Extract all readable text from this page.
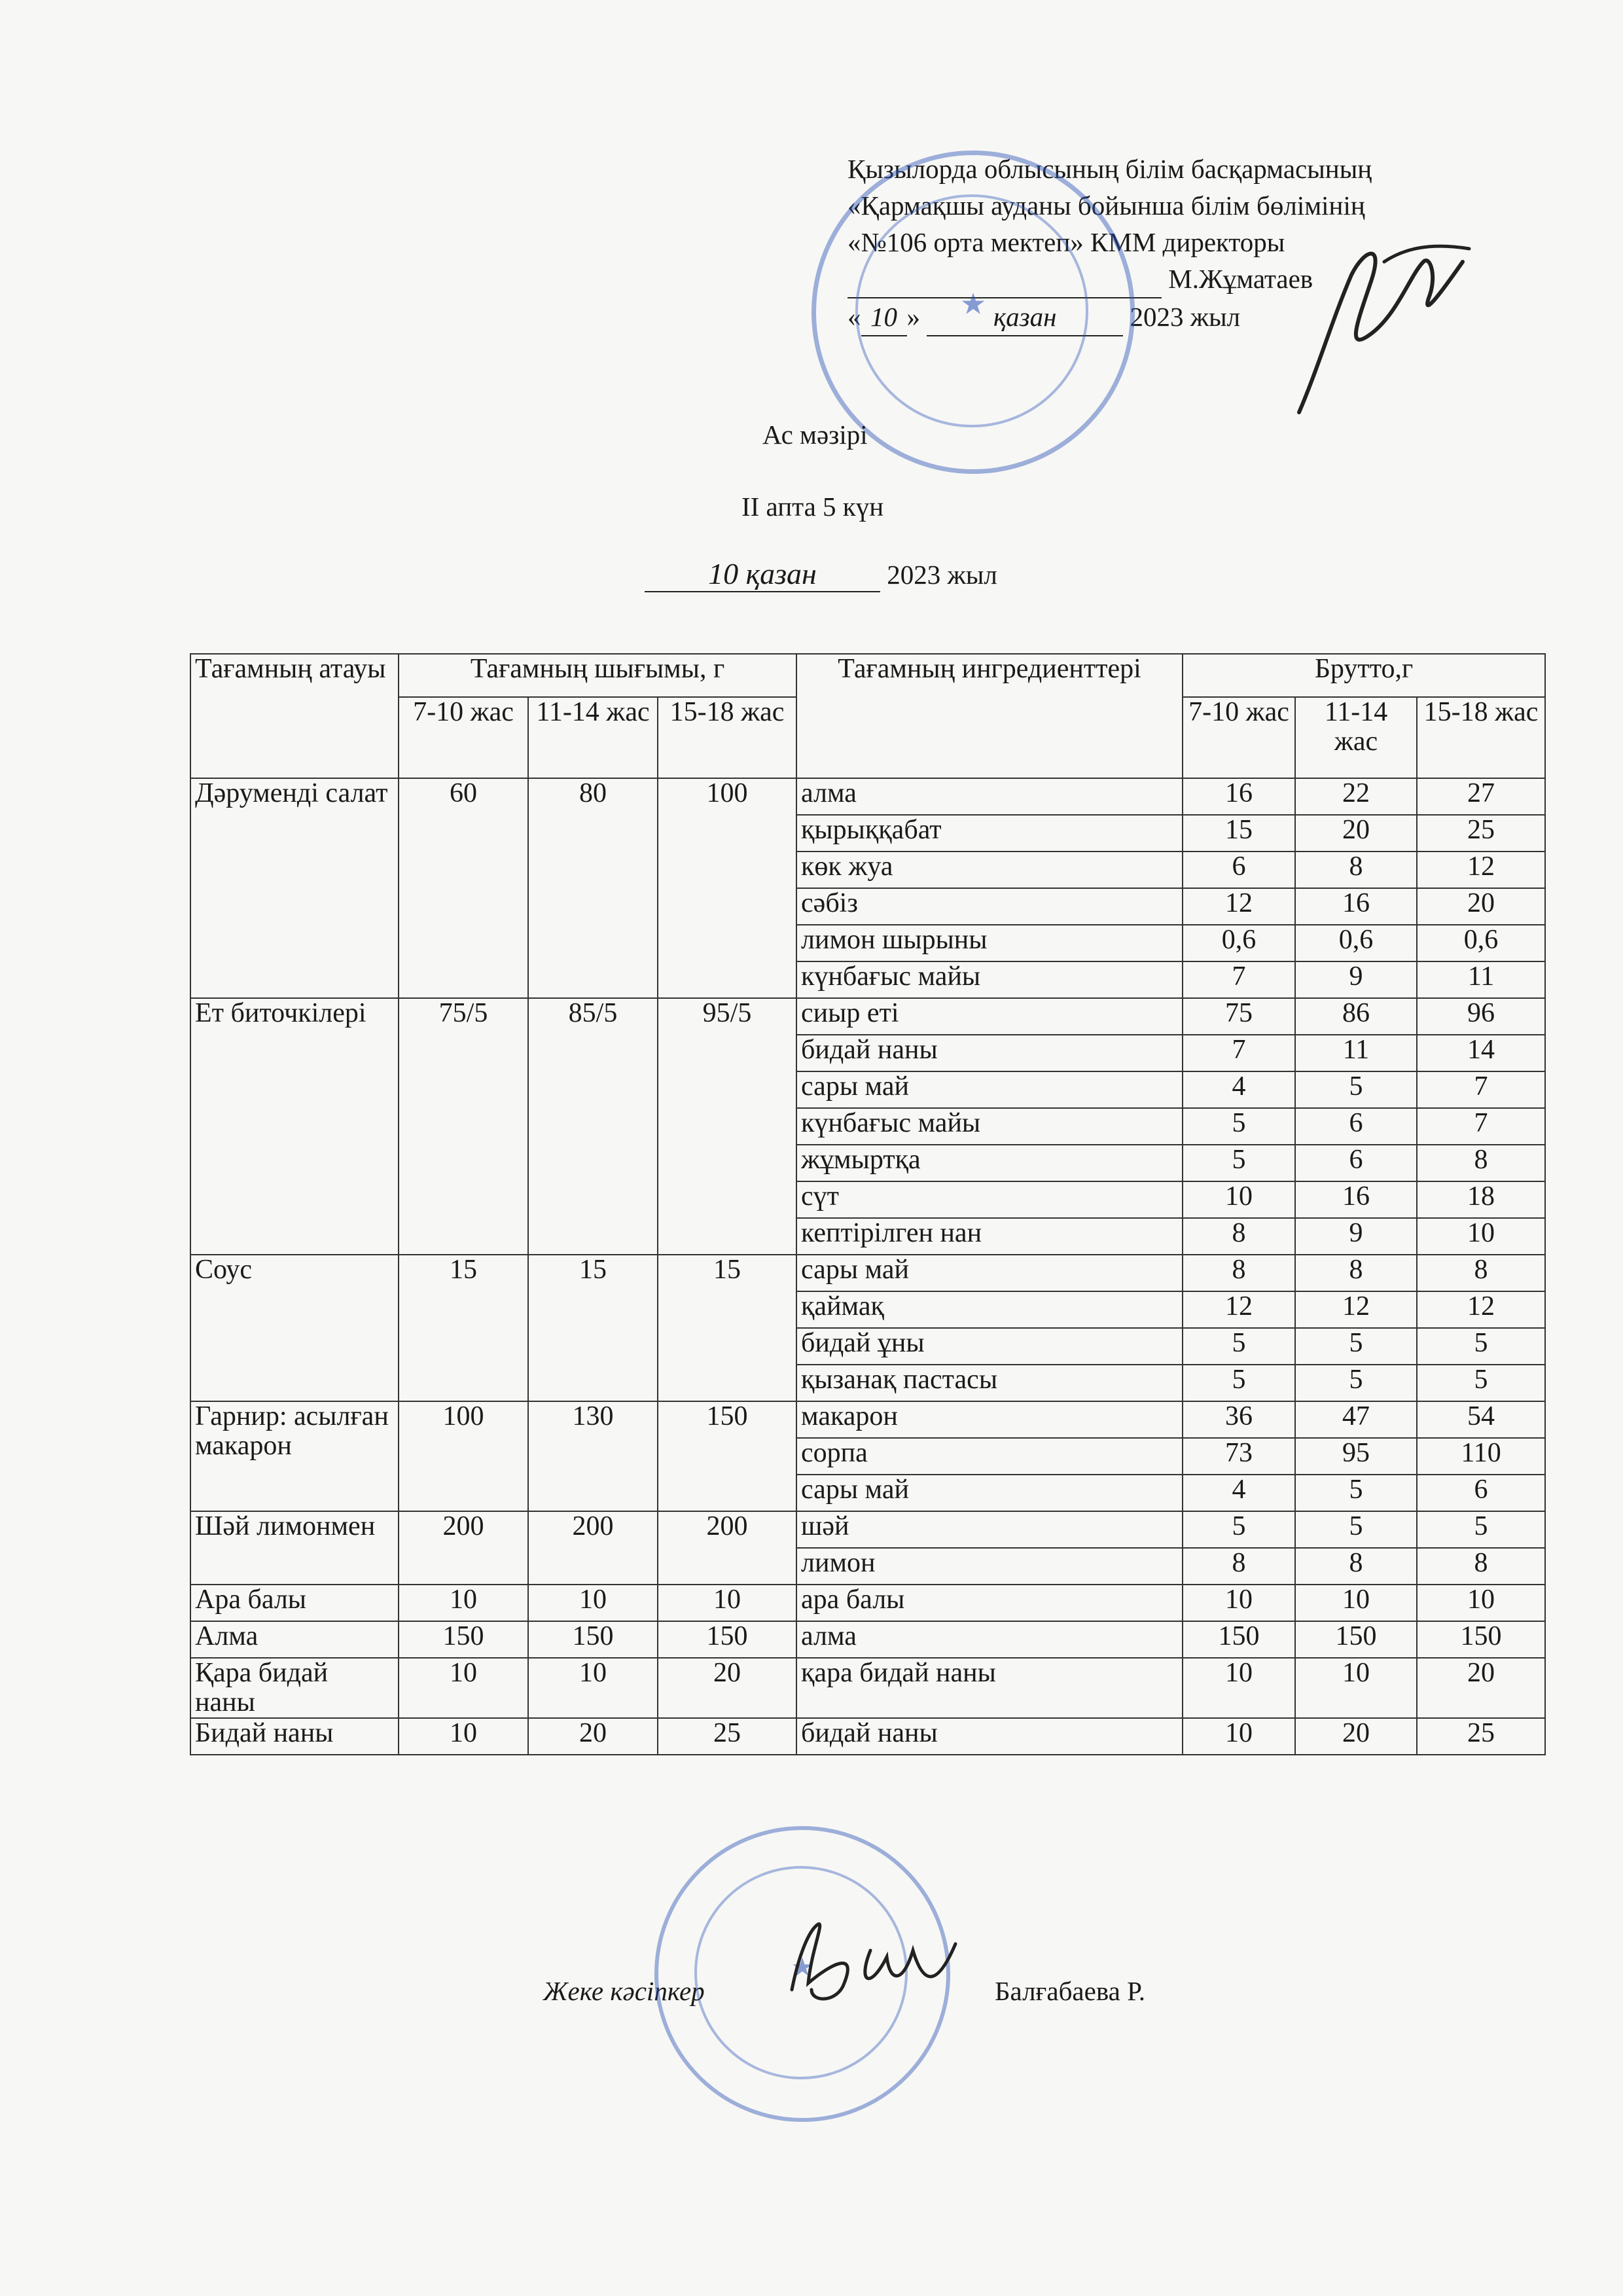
Қызылорда облысының білім басқармасының
«Қармақшы ауданы бойынша білім бөлімінің
«№106 орта мектеп» КММ директоры
М.Жұматаев
« 10 » қазан	2023 жыл
★
Ас мәзірі
ІІ апта 5 күн
10 қазан	2023 жыл
Тағамның атауы	Тағамның шығымы, г			Тағамның ингредиенттері	Брутто,г		
	7-10 жас	11-14 жас	15-18 жас		7-10 жас	11-14 жас	15-18 жас
Дәрумендi салат	60	80	100	алма	16	22	27
				қырыққабат	15	20	25
				көк жуа	6	8	12
				сәбіз	12	16	20
				лимон шырыны	0,6	0,6	0,6
				күнбағыс майы	7	9	11
Ет биточкілері	75/5	85/5	95/5	сиыр еті	75	86	96
				бидай наны	7	11	14
				сары май	4	5	7
				күнбағыс майы	5	6	7
				жұмыртқа	5	6	8
				сүт	10	16	18
				кептірілген нан	8	9	10
Соус	15	15	15	сары май	8	8	8
				қаймақ	12	12	12
				бидай ұны	5	5	5
				қызанақ пастасы	5	5	5
Гарнир: асылған макарон	100	130	150	макарон	36	47	54
				сорпа	73	95	110
				сары май	4	5	6
Шәй лимонмен	200	200	200	шәй	5	5	5
				лимон	8	8	8
Ара балы	10	10	10	ара балы	10	10	10
Алма	150	150	150	алма	150	150	150
Қара бидай наны	10	10	20	қара бидай наны	10	10	20
Бидай наны	10	20	25	бидай наны	10	20	25
Жеке кәсіпкер	Балғабаева Р.
★
